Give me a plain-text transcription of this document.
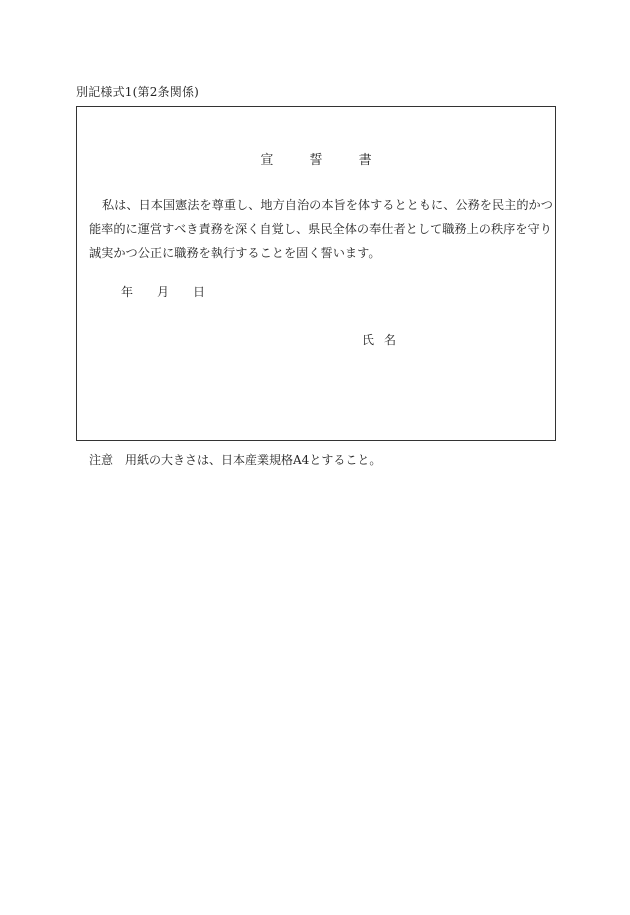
別記様式1(第2条関係)
宣	誓	書
私は、日本国憲法を尊重し、地方自治の本旨を体するとともに、公務を民主的かつ
能率的に運営すべき責務を深く自覚し、県民全体の奉仕者として職務上の秩序を守り
誠実かつ公正に職務を執行することを固く誓います。
年 月 日
氏 名
注意 用紙の大きさは、日本産業規格A4とすること。
